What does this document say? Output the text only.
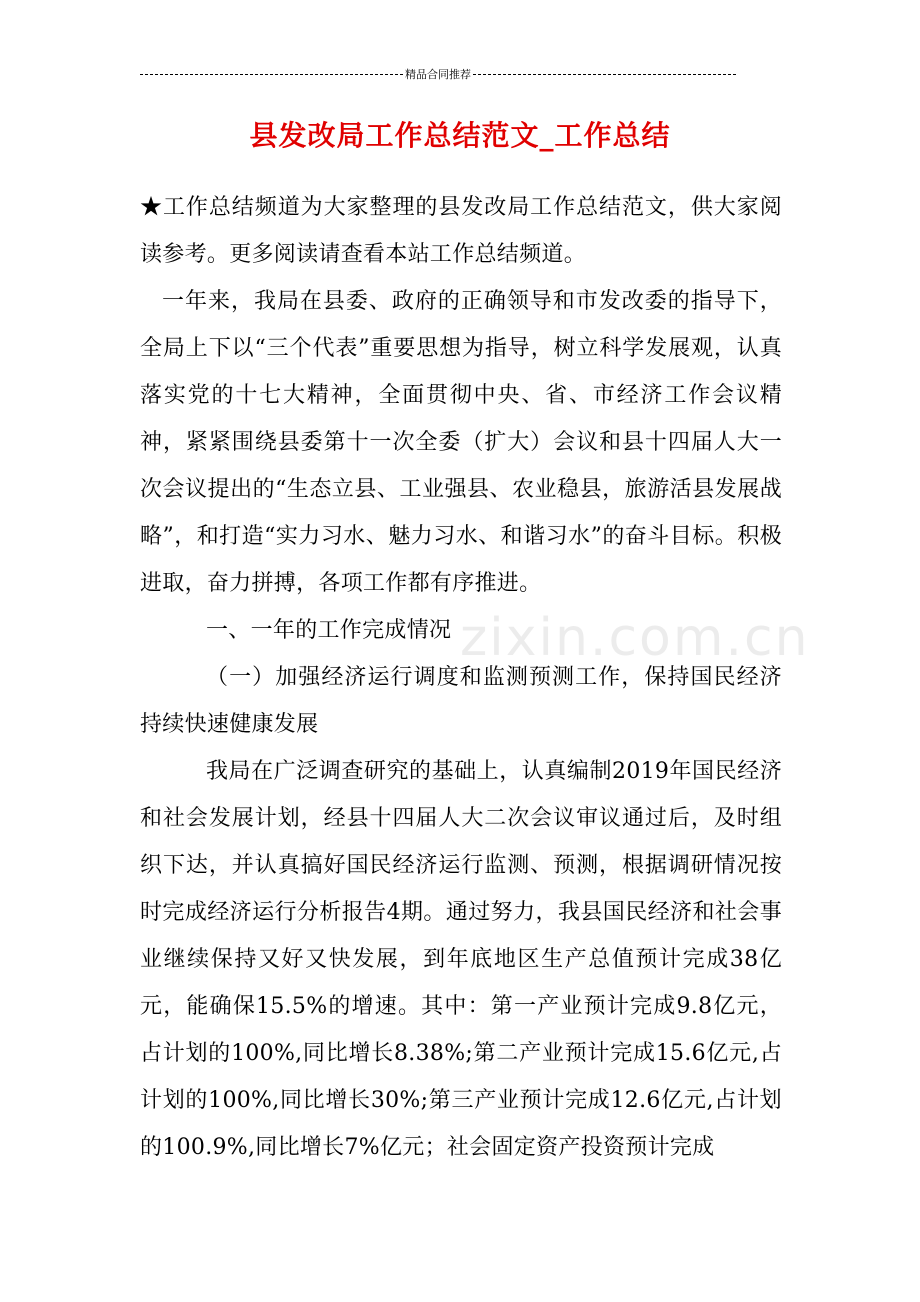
精品合同推荐
县发改局工作总结范文_工作总结
zixin.com.cn

★工作总结频道为大家整理的县发改局工作总结范文，供大家阅读参考。更多阅读请查看本站工作总结频道。

一年来，我局在县委、政府的正确领导和市发改委的指导下，全局上下以“三个代表”重要思想为指导，树立科学发展观，认真落实党的十七大精神，全面贯彻中央、省、市经济工作会议精神，紧紧围绕县委第十一次全委（扩大）会议和县十四届人大一次会议提出的“生态立县、工业强县、农业稳县，旅游活县发展战略”，和打造“实力习水、魅力习水、和谐习水”的奋斗目标。积极进取，奋力拼搏，各项工作都有序推进。

一、一年的工作完成情况

（一）加强经济运行调度和监测预测工作，保持国民经济持续快速健康发展

我局在广泛调查研究的基础上，认真编制2019年国民经济和社会发展计划，经县十四届人大二次会议审议通过后，及时组织下达，并认真搞好国民经济运行监测、预测，根据调研情况按时完成经济运行分析报告4期。通过努力，我县国民经济和社会事业继续保持又好又快发展，到年底地区生产总值预计完成38亿元，能确保15.5%的增速。其中：第一产业预计完成9.8亿元，占计划的100%,同比增长8.38%;第二产业预计完成15.6亿元,占计划的100%,同比增长30%;第三产业预计完成12.6亿元,占计划的100.9%,同比增长7%亿元；社会固定资产投资预计完成
